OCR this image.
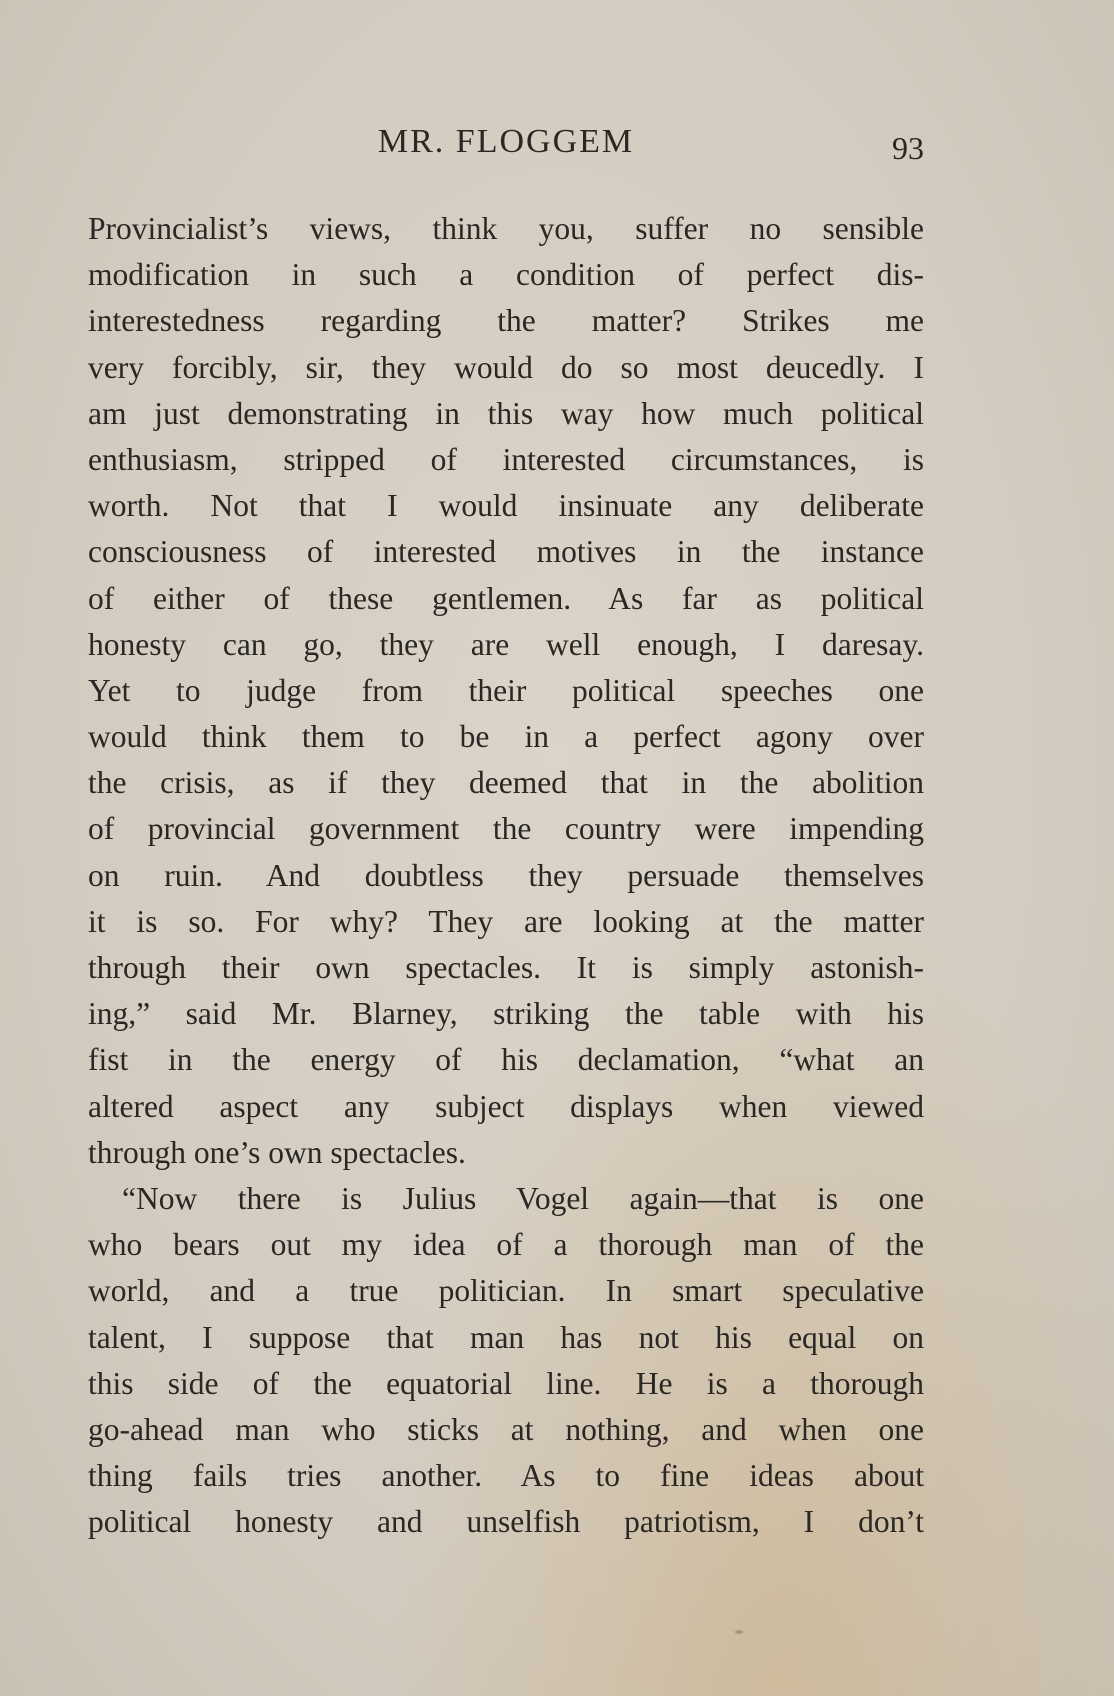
MR. FLOGGEM	93
Provincialist’s views, think you, suffer no sensible
modification in such a condition of perfect dis-
interestedness regarding the matter? Strikes me
very forcibly, sir, they would do so most deucedly. I
am just demonstrating in this way how much political
enthusiasm, stripped of interested circumstances, is
worth. Not that I would insinuate any deliberate
consciousness of interested motives in the instance
of either of these gentlemen. As far as political
honesty can go, they are well enough, I daresay.
Yet to judge from their political speeches one
would think them to be in a perfect agony over
the crisis, as if they deemed that in the abolition
of provincial government the country were impending
on ruin. And doubtless they persuade themselves
it is so. For why? They are looking at the matter
through their own spectacles. It is simply astonish-
ing,” said Mr. Blarney, striking the table with his
fist in the energy of his declamation, “what an
altered aspect any subject displays when viewed
through one’s own spectacles.
“Now there is Julius Vogel again—that is one
who bears out my idea of a thorough man of the
world, and a true politician. In smart speculative
talent, I suppose that man has not his equal on
this side of the equatorial line. He is a thorough
go-ahead man who sticks at nothing, and when one
thing fails tries another. As to fine ideas about
political honesty and unselfish patriotism, I don’t
